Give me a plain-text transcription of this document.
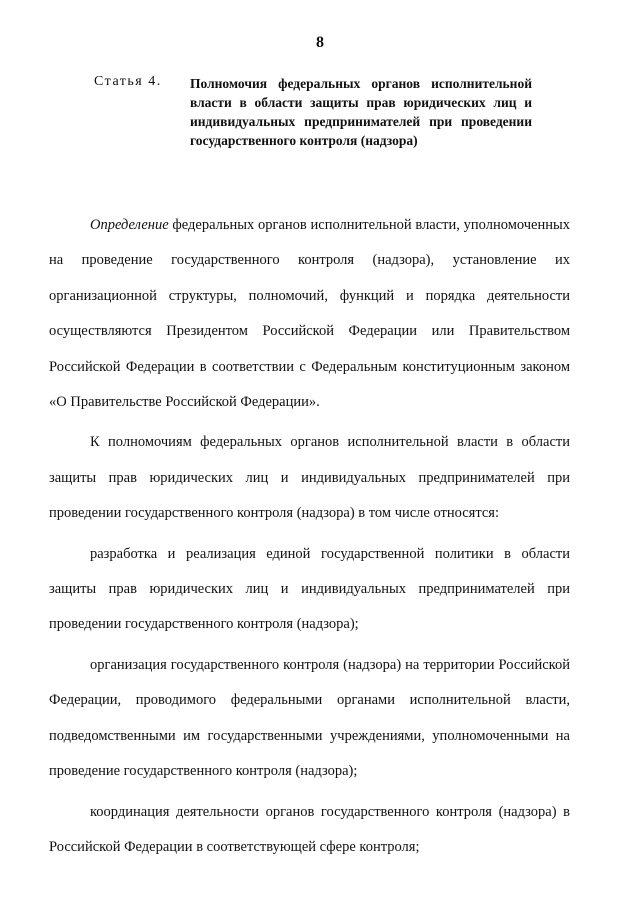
8
Статья 4. Полномочия федеральных органов исполнительной власти в области защиты прав юридических лиц и индивидуальных предпринимателей при проведении государственного контроля (надзора)

Определение федеральных органов исполнительной власти, уполномоченных на проведение государственного контроля (надзора), установление их организационной структуры, полномочий, функций и порядка деятельности осуществляются Президентом Российской Федерации или Правительством Российской Федерации в соответствии с Федеральным конституционным законом «О Правительстве Российской Федерации».

К полномочиям федеральных органов исполнительной власти в области защиты прав юридических лиц и индивидуальных предпринимателей при проведении государственного контроля (надзора) в том числе относятся:

разработка и реализация единой государственной политики в области защиты прав юридических лиц и индивидуальных предпринимателей при проведении государственного контроля (надзора);

организация государственного контроля (надзора) на территории Российской Федерации, проводимого федеральными органами исполнительной власти, подведомственными им государственными учреждениями, уполномоченными на проведение государственного контроля (надзора);

координация деятельности органов государственного контроля (надзора) в Российской Федерации в соответствующей сфере контроля;
